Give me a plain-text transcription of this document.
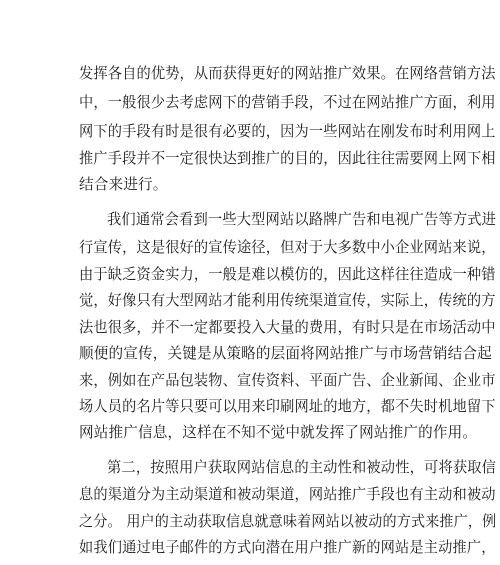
发挥各自的优势，从而获得更好的网站推广效果。在网络营销方法
中，一般很少去考虑网下的营销手段，不过在网站推广方面，利用
网下的手段有时是很有必要的，因为一些网站在刚发布时利用网上
推广手段并不一定很快达到推广的目的，因此往往需要网上网下相
结合来进行。
我们通常会看到一些大型网站以路牌广告和电视广告等方式进
行宣传，这是很好的宣传途径，但对于大多数中小企业网站来说，
由于缺乏资金实力，一般是难以模仿的，因此这样往往造成一种错
觉，好像只有大型网站才能利用传统渠道宣传，实际上，传统的方
法也很多，并不一定都要投入大量的费用，有时只是在市场活动中
顺便的宣传，关键是从策略的层面将网站推广与市场营销结合起
来，例如在产品包装物、宣传资料、平面广告、企业新闻、企业市
场人员的名片等只要可以用来印刷网址的地方，都不失时机地留下
网站推广信息，这样在不知不觉中就发挥了网站推广的作用。
第二，按照用户获取网站信息的主动性和被动性，可将获取信
息的渠道分为主动渠道和被动渠道，网站推广手段也有主动和被动
之分。 用户的主动获取信息就意味着网站以被动的方式来推广，例
如我们通过电子邮件的方式向潜在用户推广新的网站是主动推广，
